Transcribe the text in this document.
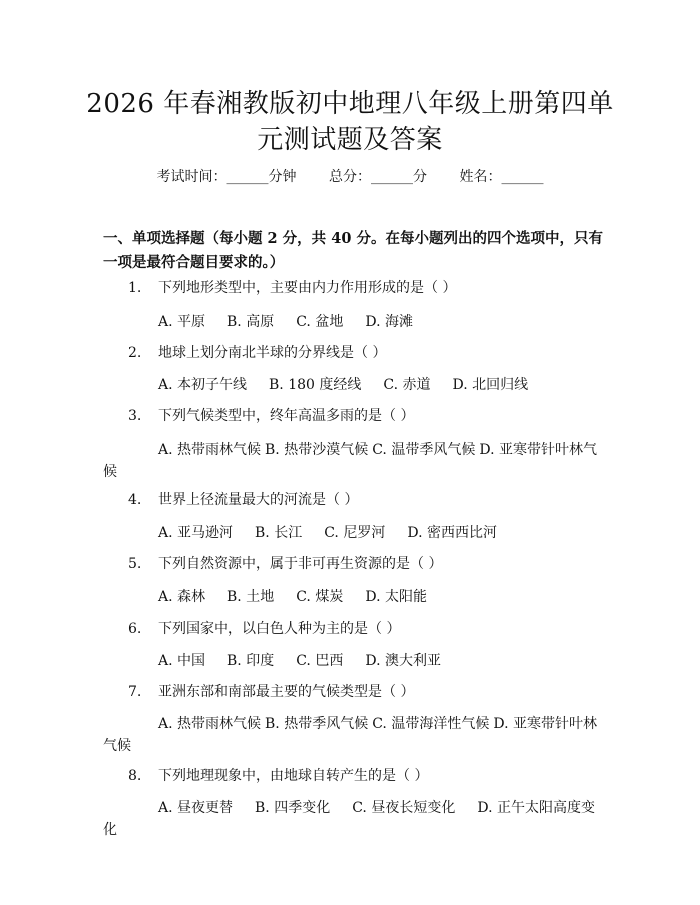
2026 年春湘教版初中地理八年级上册第四单
元测试题及答案
考试时间：______分钟 总分：______分 姓名：______
一、单项选择题（每小题 2 分，共 40 分。在每小题列出的四个选项中，只有一项是最符合题目要求的。）
1. 下列地形类型中，主要由内力作用形成的是（ ）
A. 平原 B. 高原 C. 盆地 D. 海滩
2. 地球上划分南北半球的分界线是（ ）
A. 本初子午线 B. 180 度经线 C. 赤道 D. 北回归线
3. 下列气候类型中，终年高温多雨的是（ ）
A. 热带雨林气候 B. 热带沙漠气候 C. 温带季风气候 D. 亚寒带针叶林气候
4. 世界上径流量最大的河流是（ ）
A. 亚马逊河 B. 长江 C. 尼罗河 D. 密西西比河
5. 下列自然资源中，属于非可再生资源的是（ ）
A. 森林 B. 土地 C. 煤炭 D. 太阳能
6. 下列国家中，以白色人种为主的是（ ）
A. 中国 B. 印度 C. 巴西 D. 澳大利亚
7. 亚洲东部和南部最主要的气候类型是（ ）
A. 热带雨林气候 B. 热带季风气候 C. 温带海洋性气候 D. 亚寒带针叶林气候
8. 下列地理现象中，由地球自转产生的是（ ）
A. 昼夜更替 B. 四季变化 C. 昼夜长短变化 D. 正午太阳高度变化
